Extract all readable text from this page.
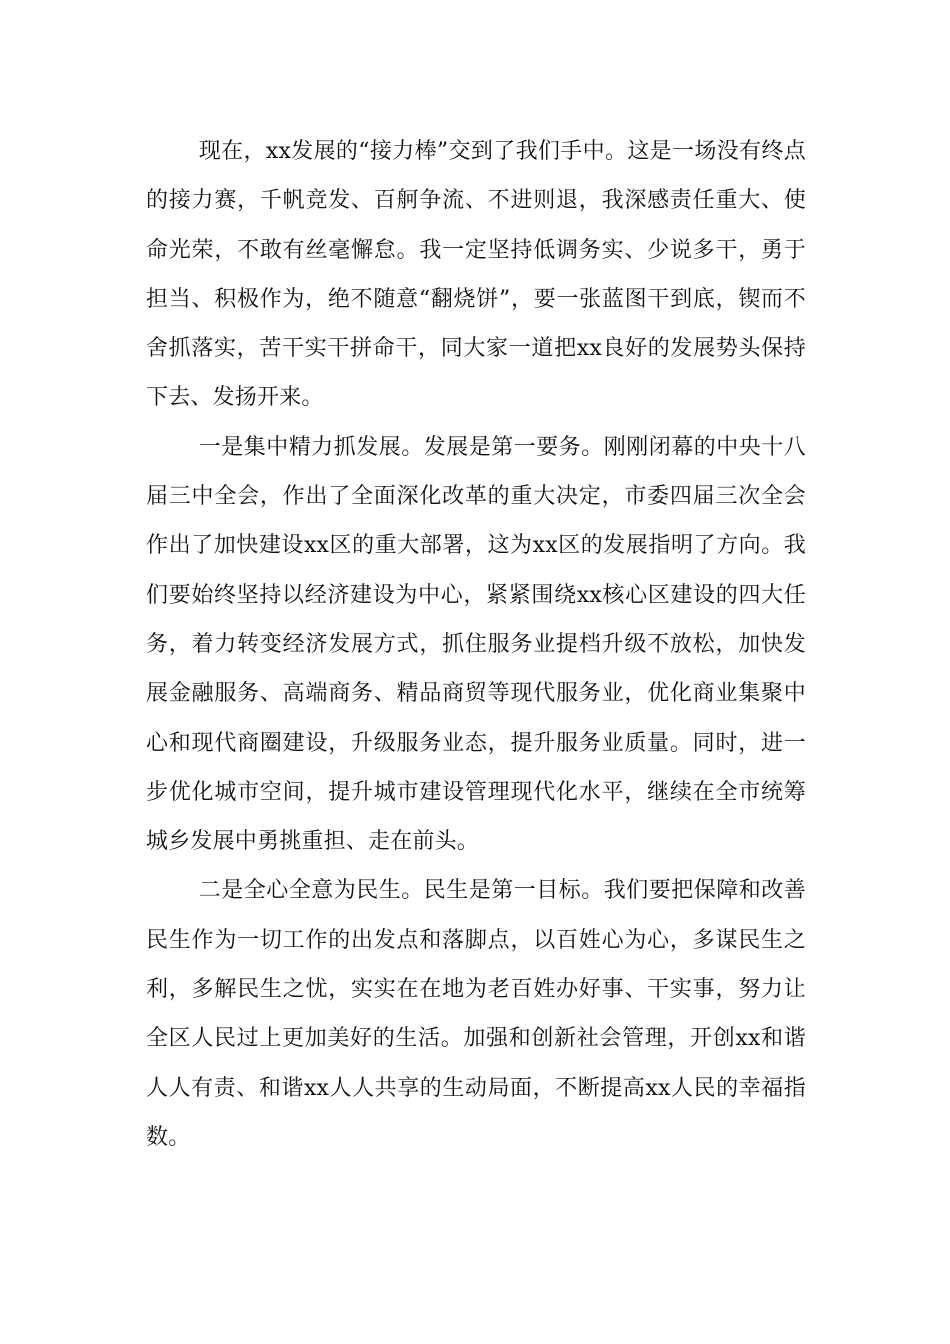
现在，xx发展的“接力棒”交到了我们手中。这是一场没有终点的接力赛，千帆竞发、百舸争流、不进则退，我深感责任重大、使命光荣，不敢有丝毫懈怠。我一定坚持低调务实、少说多干，勇于担当、积极作为，绝不随意“翻烧饼”，要一张蓝图干到底，锲而不舍抓落实，苦干实干拼命干，同大家一道把xx良好的发展势头保持下去、发扬开来。

一是集中精力抓发展。发展是第一要务。刚刚闭幕的中央十八届三中全会，作出了全面深化改革的重大决定，市委四届三次全会作出了加快建设xx区的重大部署，这为xx区的发展指明了方向。我们要始终坚持以经济建设为中心，紧紧围绕xx核心区建设的四大任务，着力转变经济发展方式，抓住服务业提档升级不放松，加快发展金融服务、高端商务、精品商贸等现代服务业，优化商业集聚中心和现代商圈建设，升级服务业态，提升服务业质量。同时，进一步优化城市空间，提升城市建设管理现代化水平，继续在全市统筹城乡发展中勇挑重担、走在前头。

二是全心全意为民生。民生是第一目标。我们要把保障和改善民生作为一切工作的出发点和落脚点，以百姓心为心，多谋民生之利，多解民生之忧，实实在在地为老百姓办好事、干实事，努力让全区人民过上更加美好的生活。加强和创新社会管理，开创xx和谐人人有责、和谐xx人人共享的生动局面，不断提高xx人民的幸福指数。
